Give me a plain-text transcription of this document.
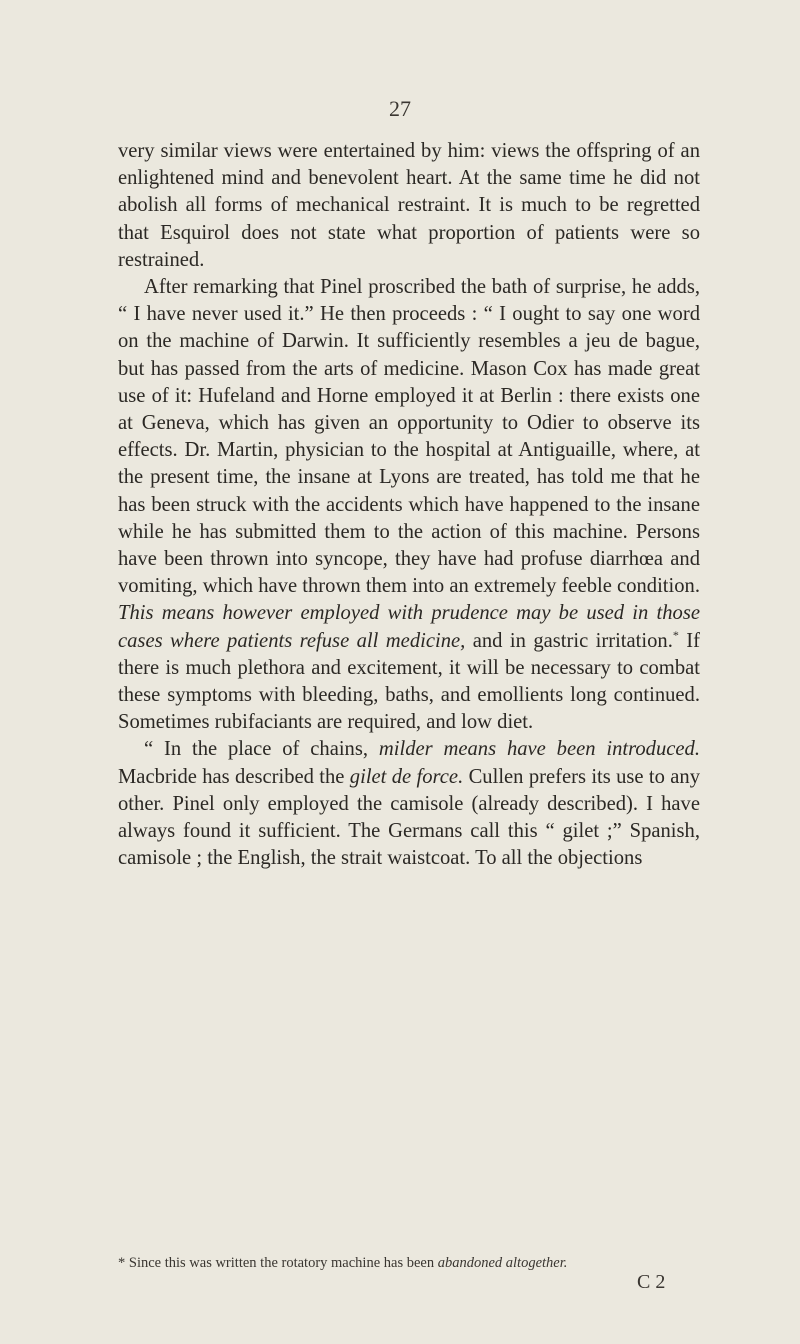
27

very similar views were entertained by him: views the offspring of an enlightened mind and benevolent heart. At the same time he did not abolish all forms of mechanical restraint. It is much to be regretted that Esquirol does not state what proportion of patients were so restrained.

After remarking that Pinel proscribed the bath of surprise, he adds, “ I have never used it.” He then proceeds : “ I ought to say one word on the machine of Darwin. It sufficiently resembles a jeu de bague, but has passed from the arts of medicine. Mason Cox has made great use of it: Hufeland and Horne employed it at Berlin : there exists one at Geneva, which has given an opportunity to Odier to observe its effects. Dr. Martin, physician to the hospital at Antiguaille, where, at the present time, the insane at Lyons are treated, has told me that he has been struck with the accidents which have happened to the insane while he has submitted them to the action of this machine. Persons have been thrown into syncope, they have had profuse diarrhœa and vomiting, which have thrown them into an extremely feeble condition. This means however employed with prudence may be used in those cases where patients refuse all medicine, and in gastric irritation.* If there is much plethora and excitement, it will be necessary to combat these symptoms with bleeding, baths, and emollients long continued. Sometimes rubifaciants are required, and low diet.

“ In the place of chains, milder means have been introduced. Macbride has described the gilet de force. Cullen prefers its use to any other. Pinel only employed the camisole (already described). I have always found it sufficient. The Germans call this “ gilet ;” Spanish, camisole ; the English, the strait waistcoat. To all the objections

* Since this was written the rotatory machine has been abandoned altogether.
C 2
